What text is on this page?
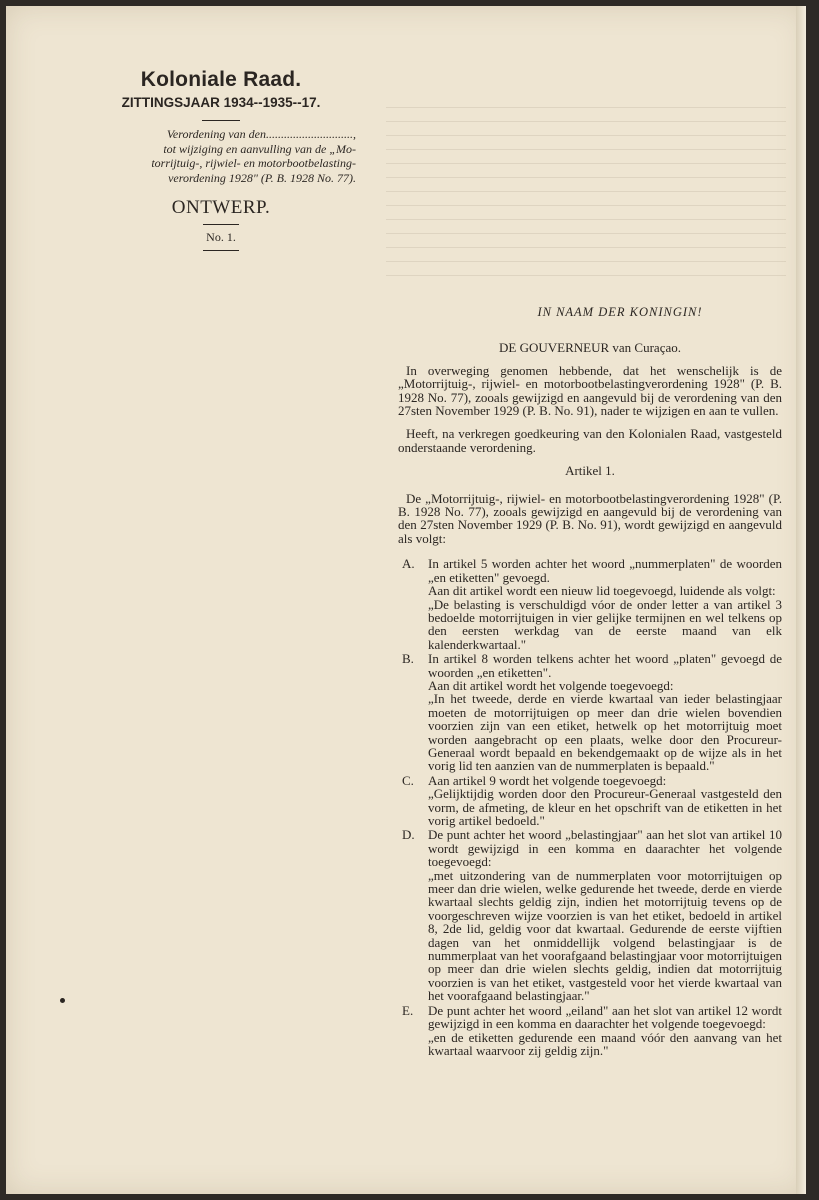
Koloniale Raad.
ZITTINGSJAAR 1934--1935--17.
Verordening van den.............................,
tot wijziging en aanvulling van de „Mo-
torrijtuig-, rijwiel- en motorbootbelasting-
verordening 1928" (P. B. 1928 No. 77).
ONTWERP.
No. 1.
IN NAAM DER KONINGIN!
DE GOUVERNEUR van Curaçao.

In overweging genomen hebbende, dat het wenschelijk is de „Motorrijtuig-, rijwiel- en motorbootbelastingverordening 1928" (P. B. 1928 No. 77), zooals gewijzigd en aangevuld bij de verordening van den 27sten November 1929 (P. B. No. 91), nader te wijzigen en aan te vullen.

Heeft, na verkregen goedkeuring van den Kolonialen Raad, vastgesteld onderstaande verordening.

Artikel 1.

De „Motorrijtuig-, rijwiel- en motorbootbelastingverordening 1928" (P. B. 1928 No. 77), zooals gewijzigd en aangevuld bij de verordening van den 27sten November 1929 (P. B. No. 91), wordt gewijzigd en aangevuld als volgt:

A. In artikel 5 worden achter het woord „nummerplaten" de woorden „en etiketten" gevoegd.

Aan dit artikel wordt een nieuw lid toegevoegd, luidende als volgt:

„De belasting is verschuldigd vóor de onder letter a van artikel 3 bedoelde motorrijtuigen in vier gelijke termijnen en wel telkens op den eersten werkdag van de eerste maand van elk kalenderkwartaal."

B. In artikel 8 worden telkens achter het woord „platen" gevoegd de woorden „en etiketten".

Aan dit artikel wordt het volgende toegevoegd:

„In het tweede, derde en vierde kwartaal van ieder belastingjaar moeten de motorrijtuigen op meer dan drie wielen bovendien voorzien zijn van een etiket, hetwelk op het motorrijtuig moet worden aangebracht op een plaats, welke door den Procureur-Generaal wordt bepaald en bekendgemaakt op de wijze als in het vorig lid ten aanzien van de nummerplaten is bepaald."

C. Aan artikel 9 wordt het volgende toegevoegd:

„Gelijktijdig worden door den Procureur-Generaal vastgesteld den vorm, de afmeting, de kleur en het opschrift van de etiketten in het vorig artikel bedoeld."

D. De punt achter het woord „belastingjaar" aan het slot van artikel 10 wordt gewijzigd in een komma en daarachter het volgende toegevoegd:

„met uitzondering van de nummerplaten voor motorrijtuigen op meer dan drie wielen, welke gedurende het tweede, derde en vierde kwartaal slechts geldig zijn, indien het motorrijtuig tevens op de voorgeschreven wijze voorzien is van het etiket, bedoeld in artikel 8, 2de lid, geldig voor dat kwartaal. Gedurende de eerste vijftien dagen van het onmiddellijk volgend belastingjaar is de nummerplaat van het voorafgaand belastingjaar voor motorrijtuigen op meer dan drie wielen slechts geldig, indien dat motorrijtuig voorzien is van het etiket, vastgesteld voor het vierde kwartaal van het voorafgaand belastingjaar."

E. De punt achter het woord „eiland" aan het slot van artikel 12 wordt gewijzigd in een komma en daarachter het volgende toegevoegd:

„en de etiketten gedurende een maand vóór den aanvang van het kwartaal waarvoor zij geldig zijn."
